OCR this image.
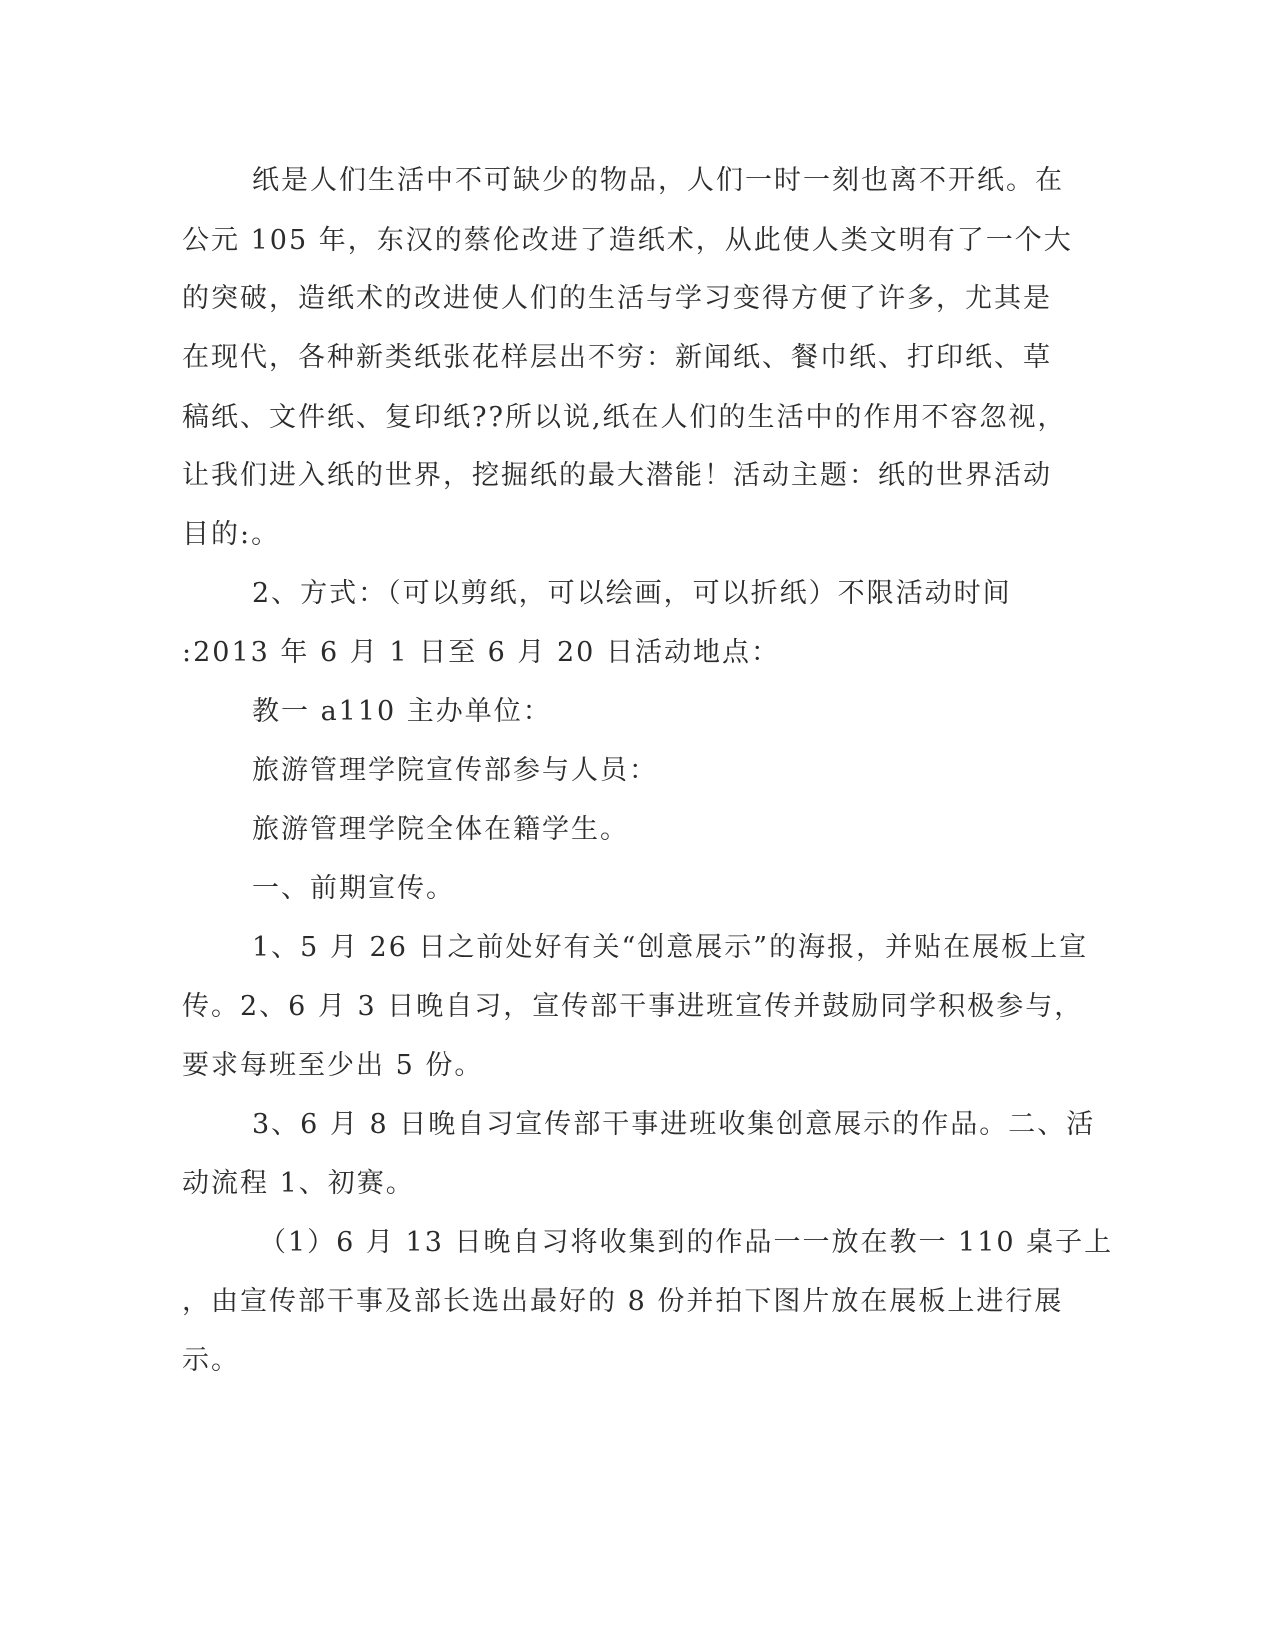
纸是人们生活中不可缺少的物品，人们一时一刻也离不开纸。在
公元 105 年，东汉的蔡伦改进了造纸术，从此使人类文明有了一个大
的突破，造纸术的改进使人们的生活与学习变得方便了许多，尤其是
在现代，各种新类纸张花样层出不穷：新闻纸、餐巾纸、打印纸、草
稿纸、文件纸、复印纸??所以说,纸在人们的生活中的作用不容忽视，
让我们进入纸的世界，挖掘纸的最大潜能！活动主题：纸的世界活动
目的:。
2、方式：（可以剪纸，可以绘画，可以折纸）不限活动时间
:2013 年 6 月 1 日至 6 月 20 日活动地点：
教一 a110 主办单位：
旅游管理学院宣传部参与人员：
旅游管理学院全体在籍学生。
一、前期宣传。
1、5 月 26 日之前处好有关“创意展示”的海报，并贴在展板上宣
传。2、6 月 3 日晚自习，宣传部干事进班宣传并鼓励同学积极参与，
要求每班至少出 5 份。
3、6 月 8 日晚自习宣传部干事进班收集创意展示的作品。二、活
动流程 1、初赛。
（1）6 月 13 日晚自习将收集到的作品一一放在教一 110 桌子上
，由宣传部干事及部长选出最好的 8 份并拍下图片放在展板上进行展
示。
